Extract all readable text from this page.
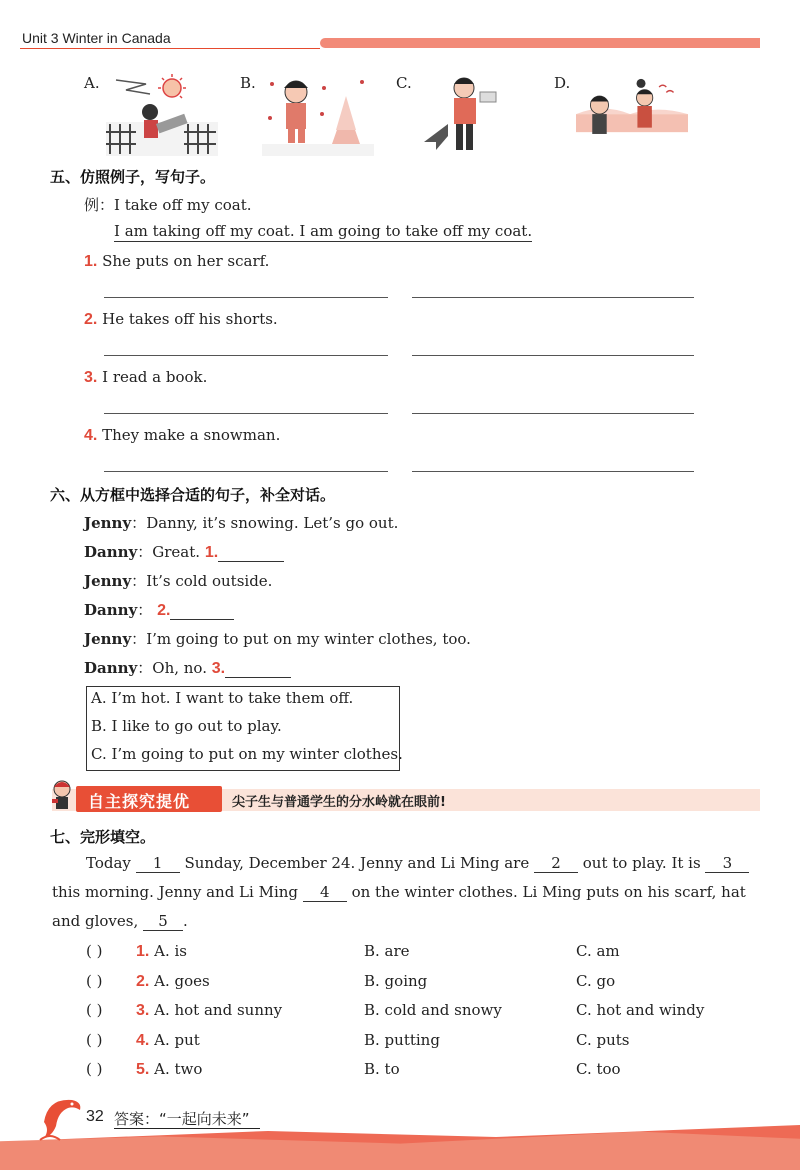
Unit 3 Winter in Canada
A.	B.	C.	D.
五、仿照例子，写句子。
例：I take off my coat.
I am taking off my coat. I am going to take off my coat.
1. She puts on her scarf.
2. He takes off his shorts.
3. I read a book.
4. They make a snowman.
六、从方框中选择合适的句子，补全对话。
Jenny：Danny, it’s snowing. Let’s go out.
Danny：Great. 1.
Jenny：It’s cold outside.
Danny： 2.
Jenny：I’m going to put on my winter clothes, too.
Danny：Oh, no. 3.
A. I’m hot. I want to take them off.
B. I like to go out to play.
C. I’m going to put on my winter clothes.
自主探究提优	尖子生与普通学生的分水岭就在眼前!
七、完形填空。
Today 1 Sunday, December 24. Jenny and Li Ming are 2 out to play. It is 3
this morning. Jenny and Li Ming 4 on the winter clothes. Li Ming puts on his scarf, hat
and gloves, 5 .
( ) 1. A. is	B. are	C. am
( ) 2. A. goes	B. going	C. go
( ) 3. A. hot and sunny	B. cold and snowy	C. hot and windy
( ) 4. A. put	B. putting	C. puts
( ) 5. A. two	B. to	C. too
32 答案：“一起向未来”
